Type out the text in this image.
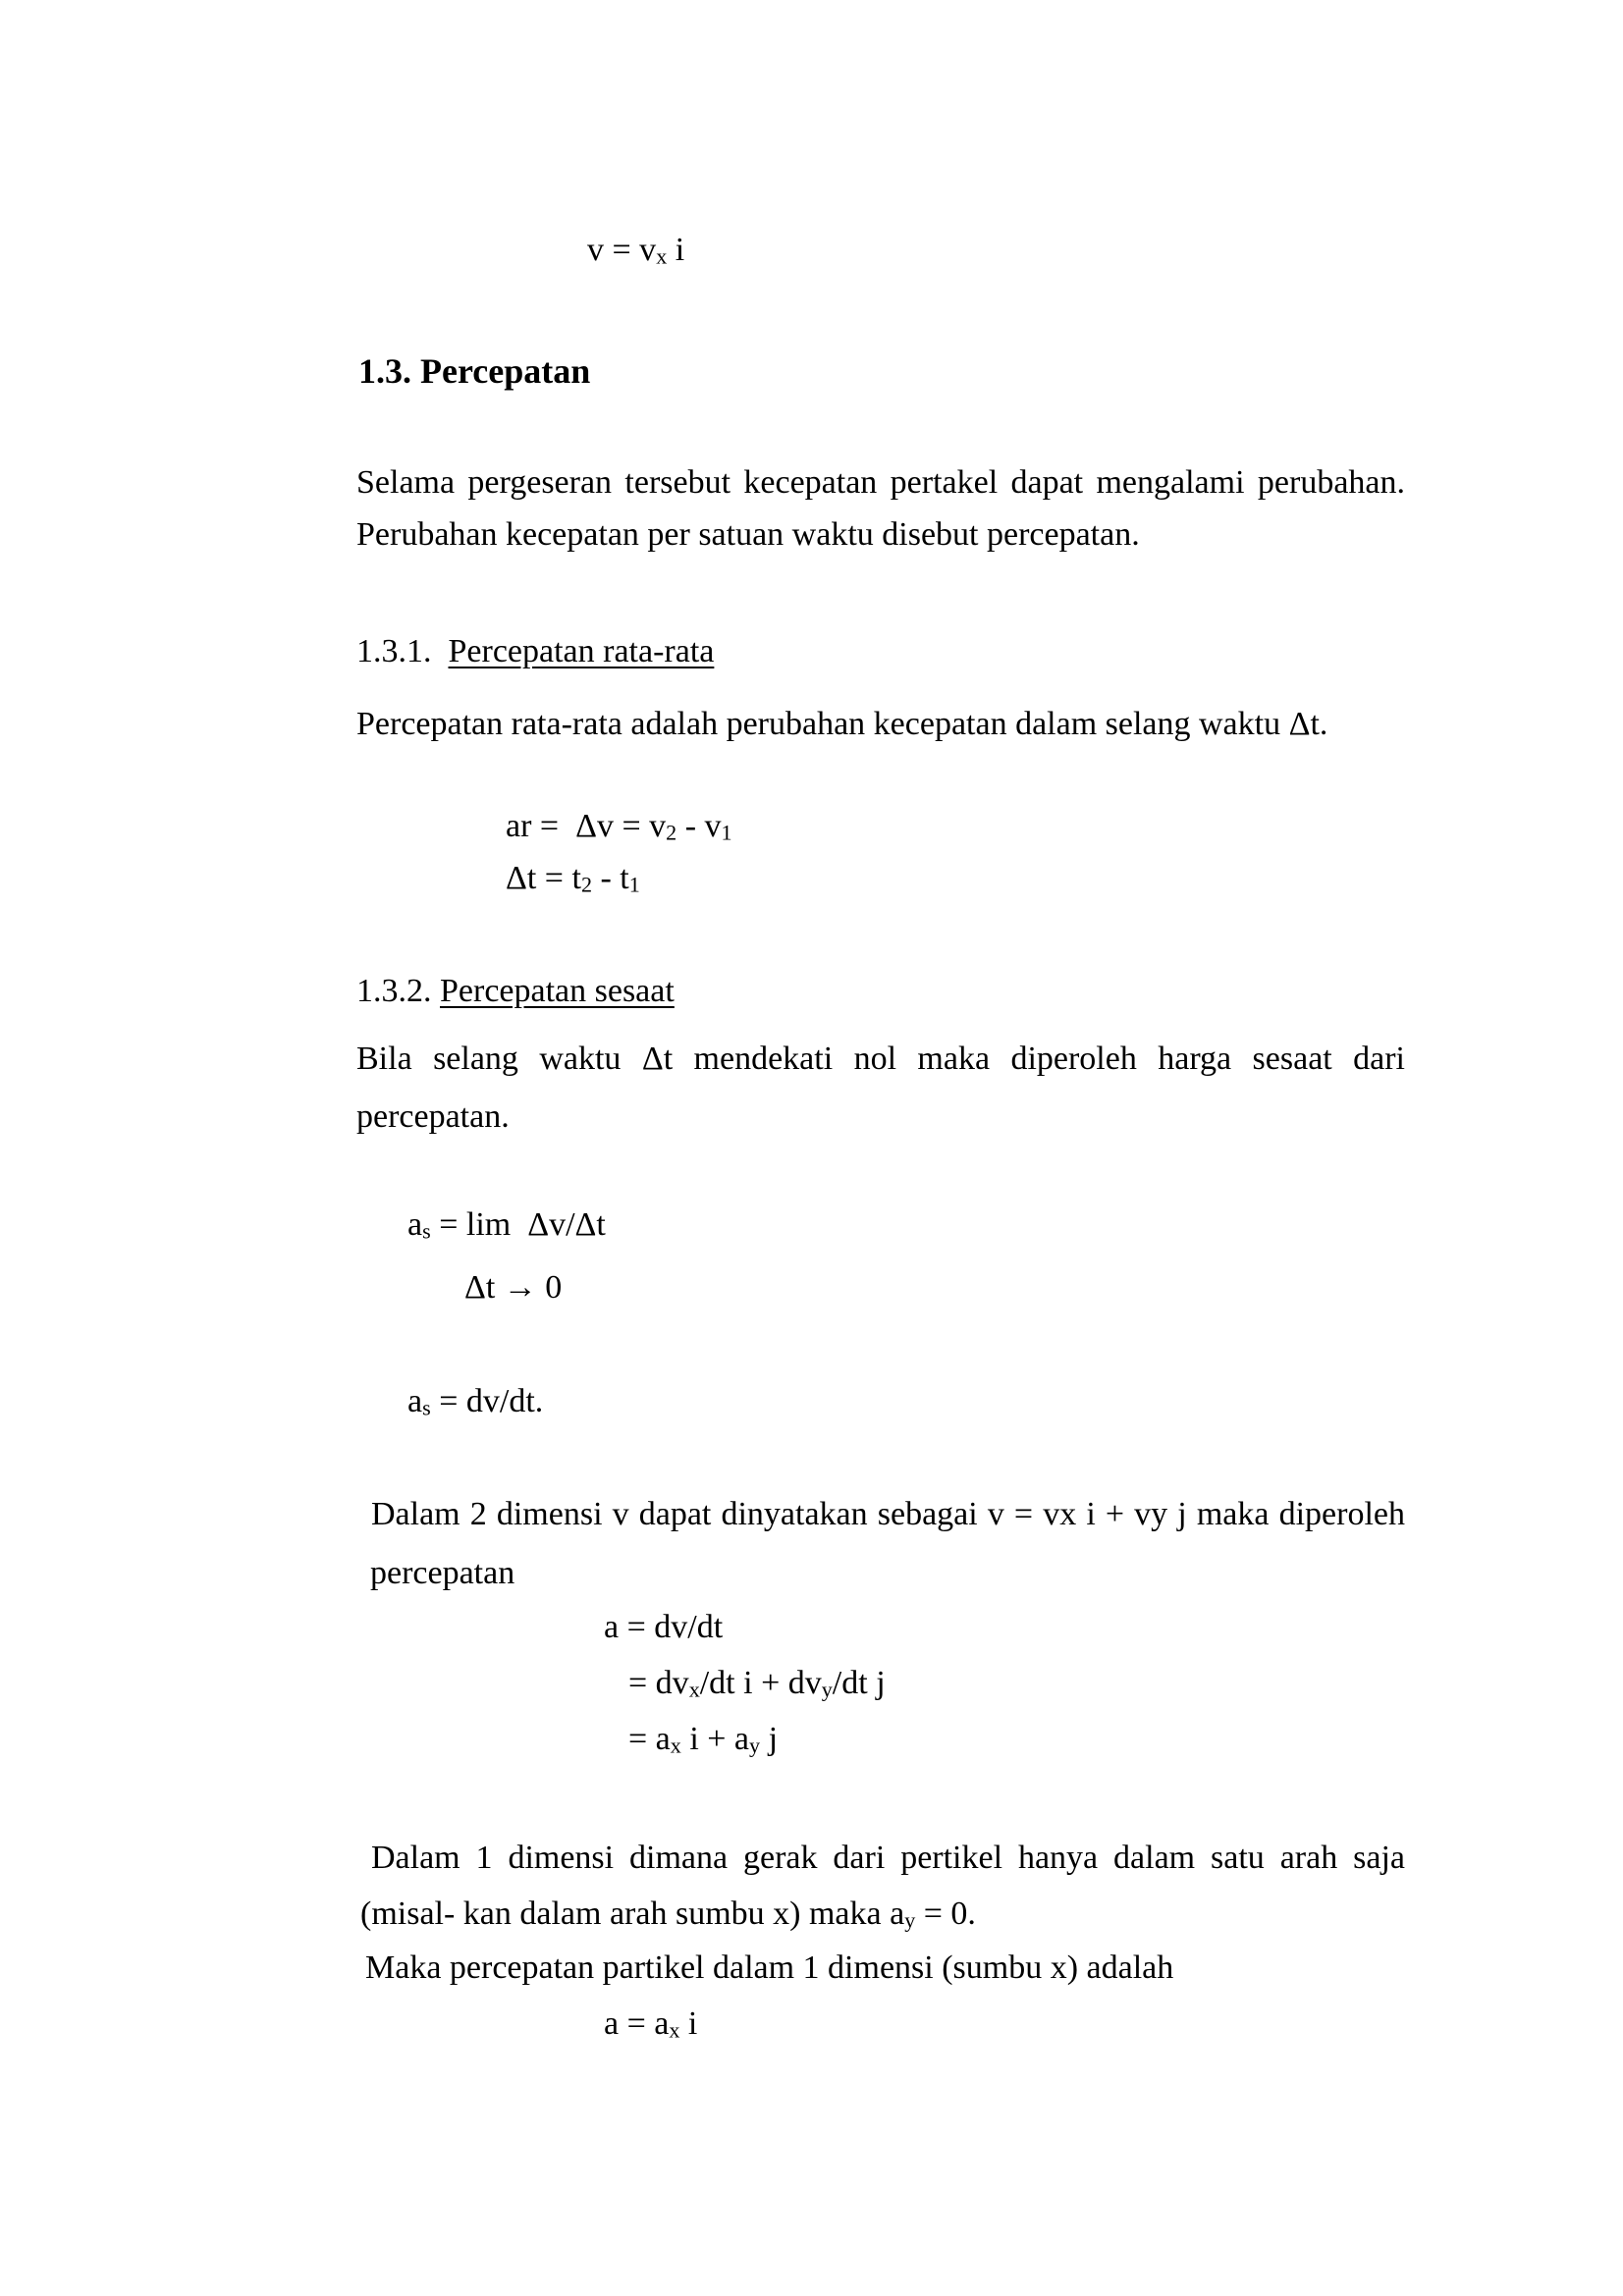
$v = v_x$ i
1.3. Percepatan
Selama pergeseran tersebut kecepatan pertakel dapat mengalami perubahan.
Perubahan kecepatan per satuan waktu disebut percepatan.
1.3.1.  Percepatan rata-rata
Percepatan rata-rata adalah perubahan kecepatan dalam selang waktu Δt.
ar =  $\Delta v = v_2 - v_1$
$\Delta t = t_2 - t_1$
1.3.2. Percepatan sesaat
Bila selang waktu Δt mendekati nol maka diperoleh harga sesaat dari
percepatan.
$a_s = \lim \Delta v/\Delta t$
Δt → 0
$a_s = dv/dt$.
Dalam 2 dimensi v dapat dinyatakan sebagai v = vx i + vy j maka diperoleh
percepatan
a = dv/dt
= $dv_x/dt$ $i + dv_y/dt$ j
= $a_x$ $i + a_y$ j
Dalam 1 dimensi dimana gerak dari pertikel hanya dalam satu arah saja
(misal- kan dalam arah sumbu x) maka $a_y = 0$.
Maka percepatan partikel dalam 1 dimensi (sumbu x) adalah
$a = a_x$ i
